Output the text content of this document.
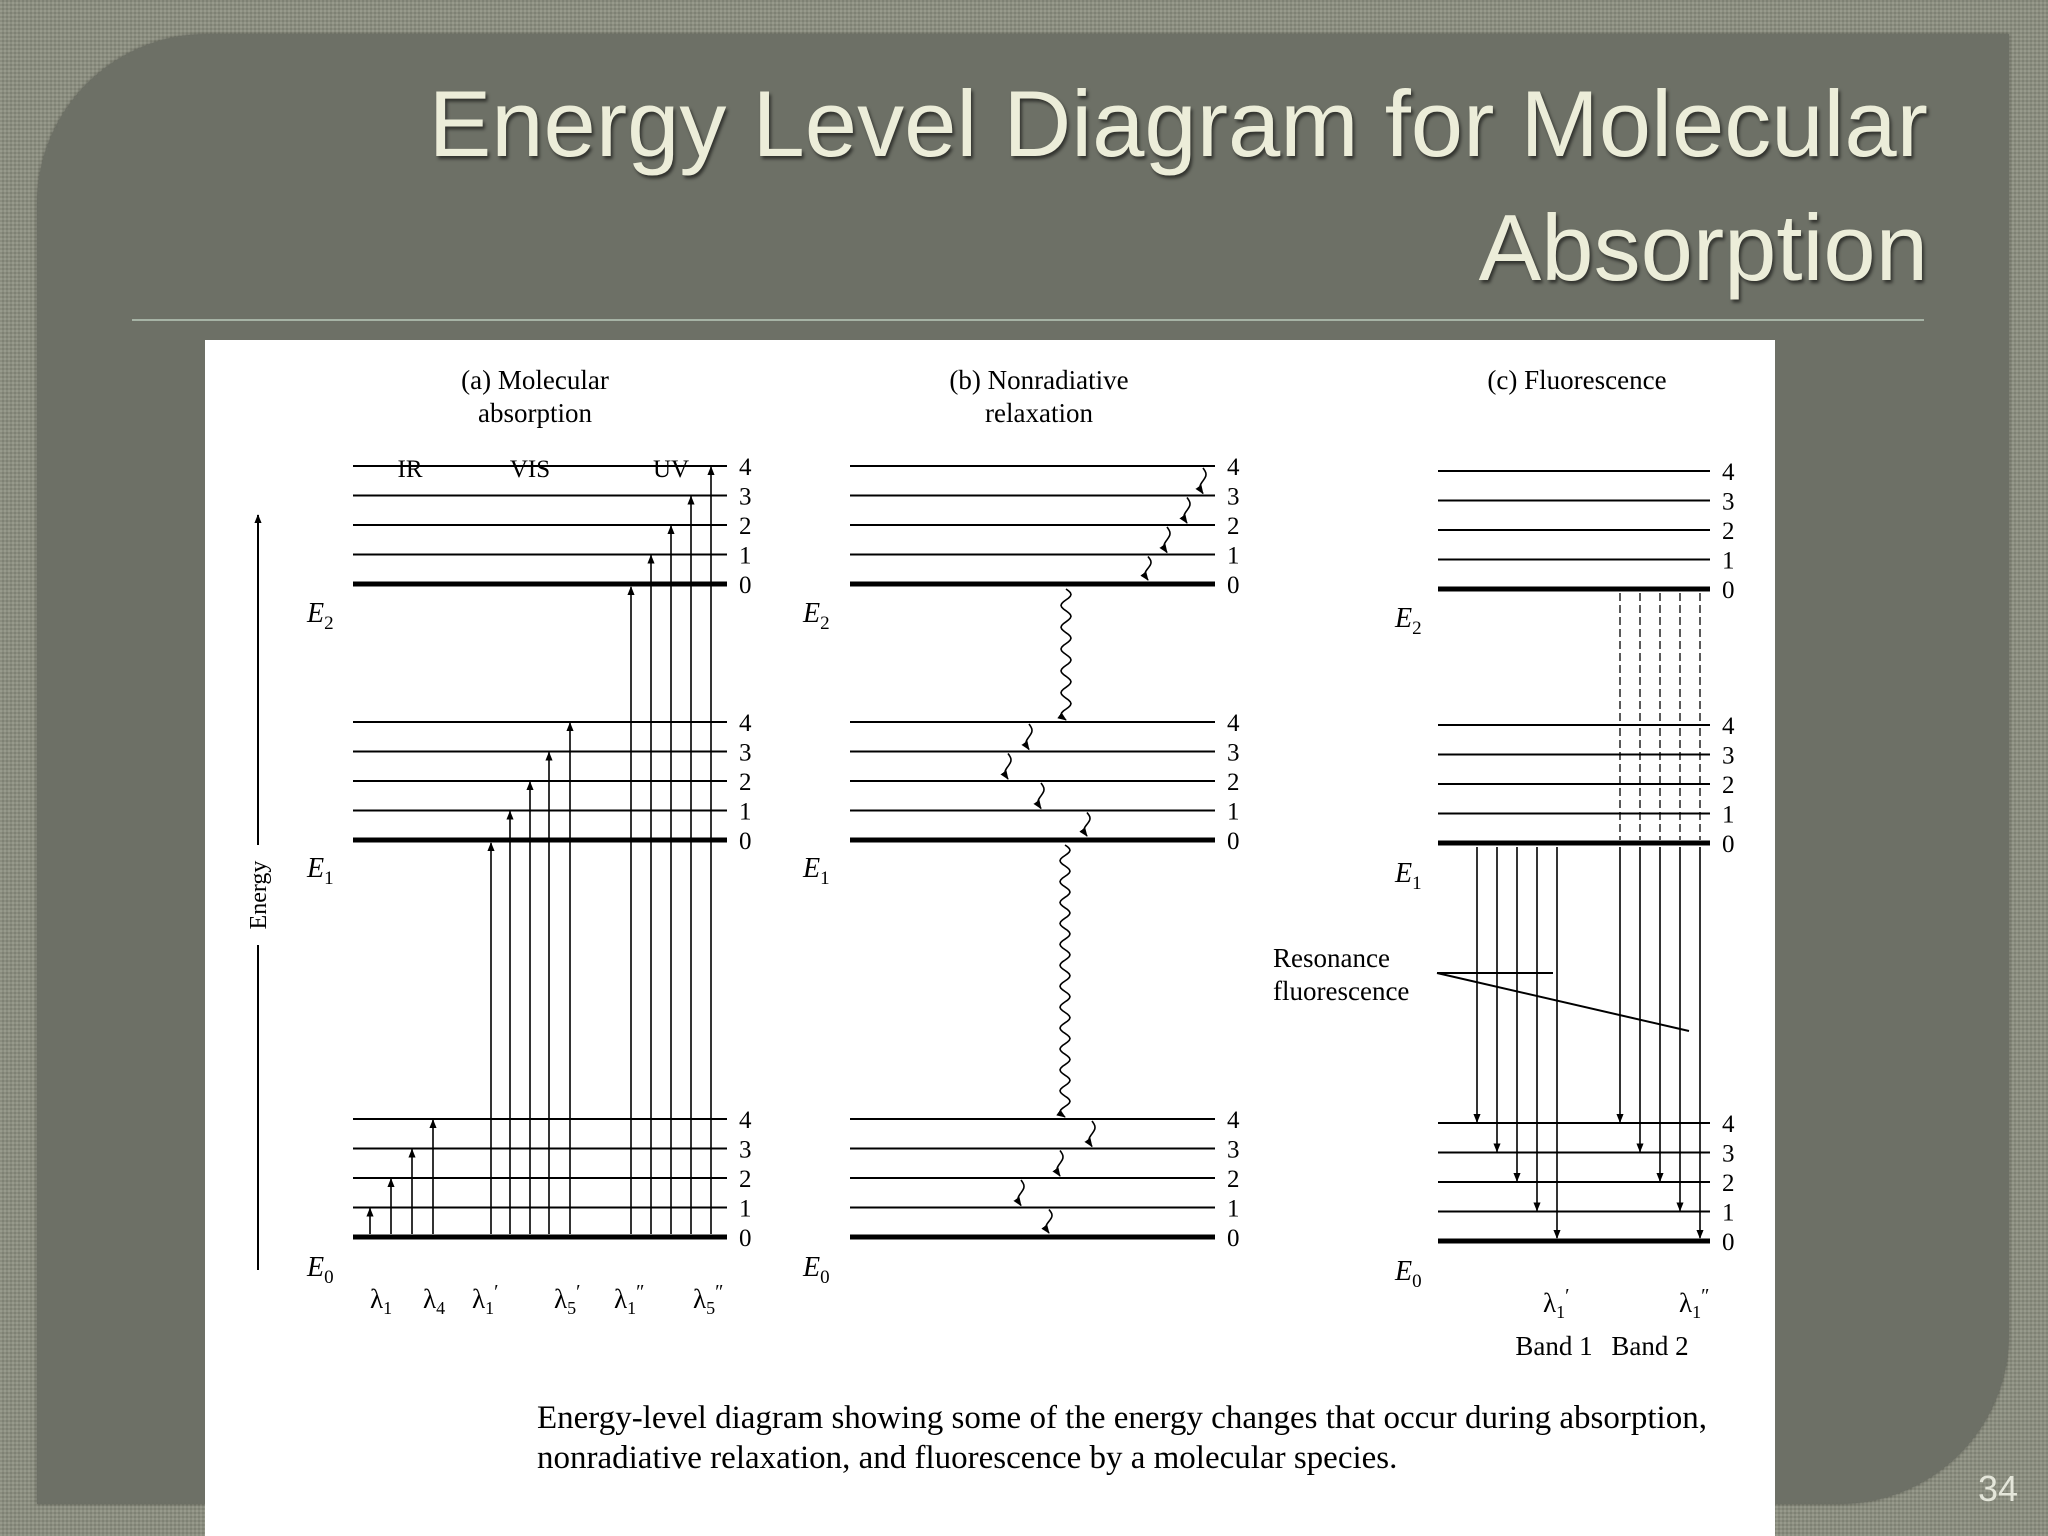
Energy Level Diagram for Molecular
Absorption
(a) Molecular
absorption
(b) Nonradiative
relaxation
(c) Fluorescence
IR	VIS	UV
Energy
$E_2$
$E_1$
$E_0$
$E_2$
$E_1$
$E_0$
$E_2$
$E_1$
$E_0$
Resonance
fluorescence
Band 1 Band 2
$\lambda_1$ $\lambda_4$ $\lambda_1'$ $\lambda_5'$ $\lambda_1''$ $\lambda_5''$	$\lambda_1'$	$\lambda_1''$
0
1
2
3
4
0
1
2
3
4
0
1
2
3
4
0
1
2
3
4
0
1
2
3
4
0
1
2
3
4
0
1
2
3
4
0
1
2
3
4
0
1
2
3
4

Energy-level diagram showing some of the energy changes that occur during absorption, nonradiative relaxation, and fluorescence by a molecular species.

34
